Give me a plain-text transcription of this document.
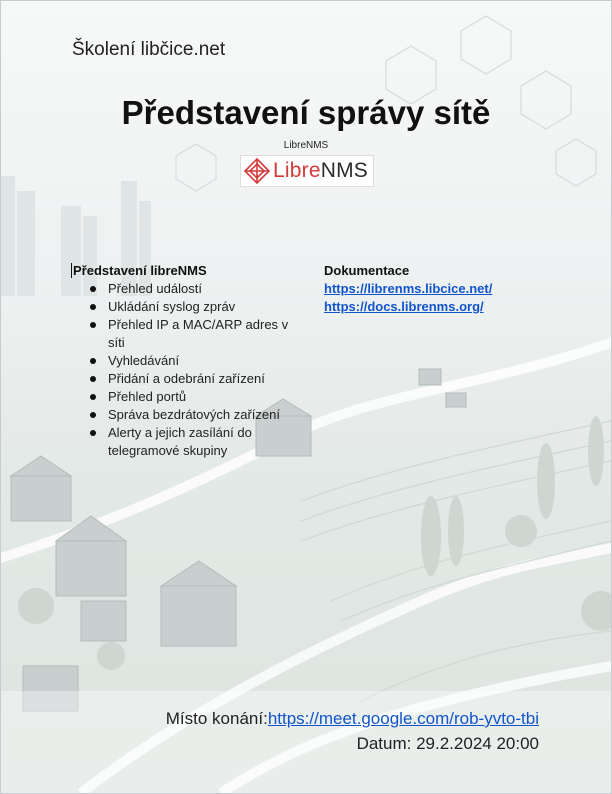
Školení libčice.net
Představení správy sítě
LibreNMS
LibreNMS
Představení libreNMS
Přehled událostí
Ukládání syslog zpráv
Přehled IP a MAC/ARP adres v síti
Vyhledávání
Přidání a odebrání zařízení
Přehled portů
Správa bezdrátových zařízení
Alerty a jejich zasílání do telegramové skupiny
Dokumentace
https://librenms.libcice.net/
https://docs.librenms.org/
Místo konání:https://meet.google.com/rob-yvto-tbi
Datum: 29.2.2024 20:00
